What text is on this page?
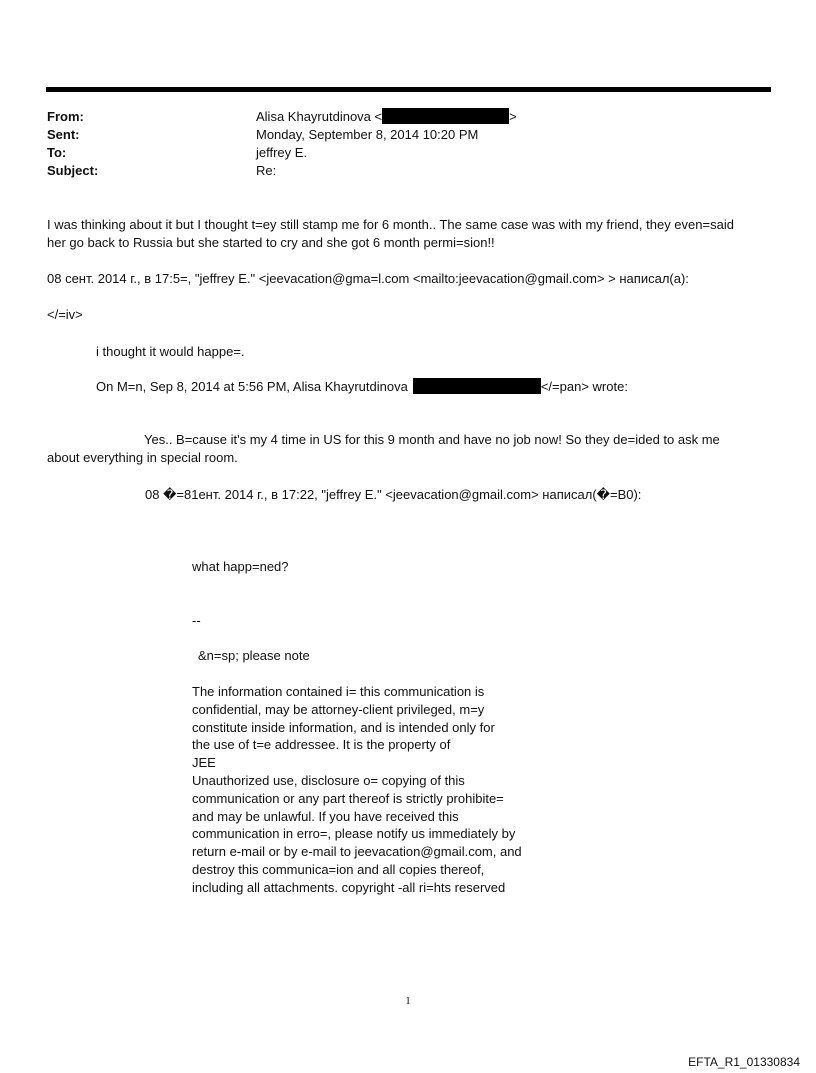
From:	Alisa Khayrutdinova <	>
Sent:	Monday, September 8, 2014 10:20 PM
To:	jeffrey E.
Subject:	Re:
I was thinking about it but I thought t=ey still stamp me for 6 month.. The same case was with my friend, they even=said
her go back to Russia but she started to cry and she got 6 month permi=sion!!
08 сент. 2014 г., в 17:5=, "jeffrey E." <jeevacation@gma=l.com <mailto:jeevacation@gmail.com> > написал(а):
</=iv>
i thought it would happe=.
On M=n, Sep 8, 2014 at 5:56 PM, Alisa Khayrutdinova	</=pan> wrote:
Yes.. B=cause it's my 4 time in US for this 9 month and have no job now! So they de=ided to ask me
about everything in special room.
08 �=81ент. 2014 г., в 17:22, "jeffrey E." <jeevacation@gmail.com> написал(�=B0):
what happ=ned?
--
&n=sp; please note
The information contained i= this communication is
confidential, may be attorney-client privileged, m=y
constitute inside information, and is intended only for
the use of t=e addressee. It is the property of
JEE
Unauthorized use, disclosure o= copying of this
communication or any part thereof is strictly prohibite=
and may be unlawful. If you have received this
communication in erro=, please notify us immediately by
return e-mail or by e-mail to jeevacation@gmail.com, and
destroy this communica=ion and all copies thereof,
including all attachments. copyright -all ri=hts reserved
1
EFTA_R1_01330834
